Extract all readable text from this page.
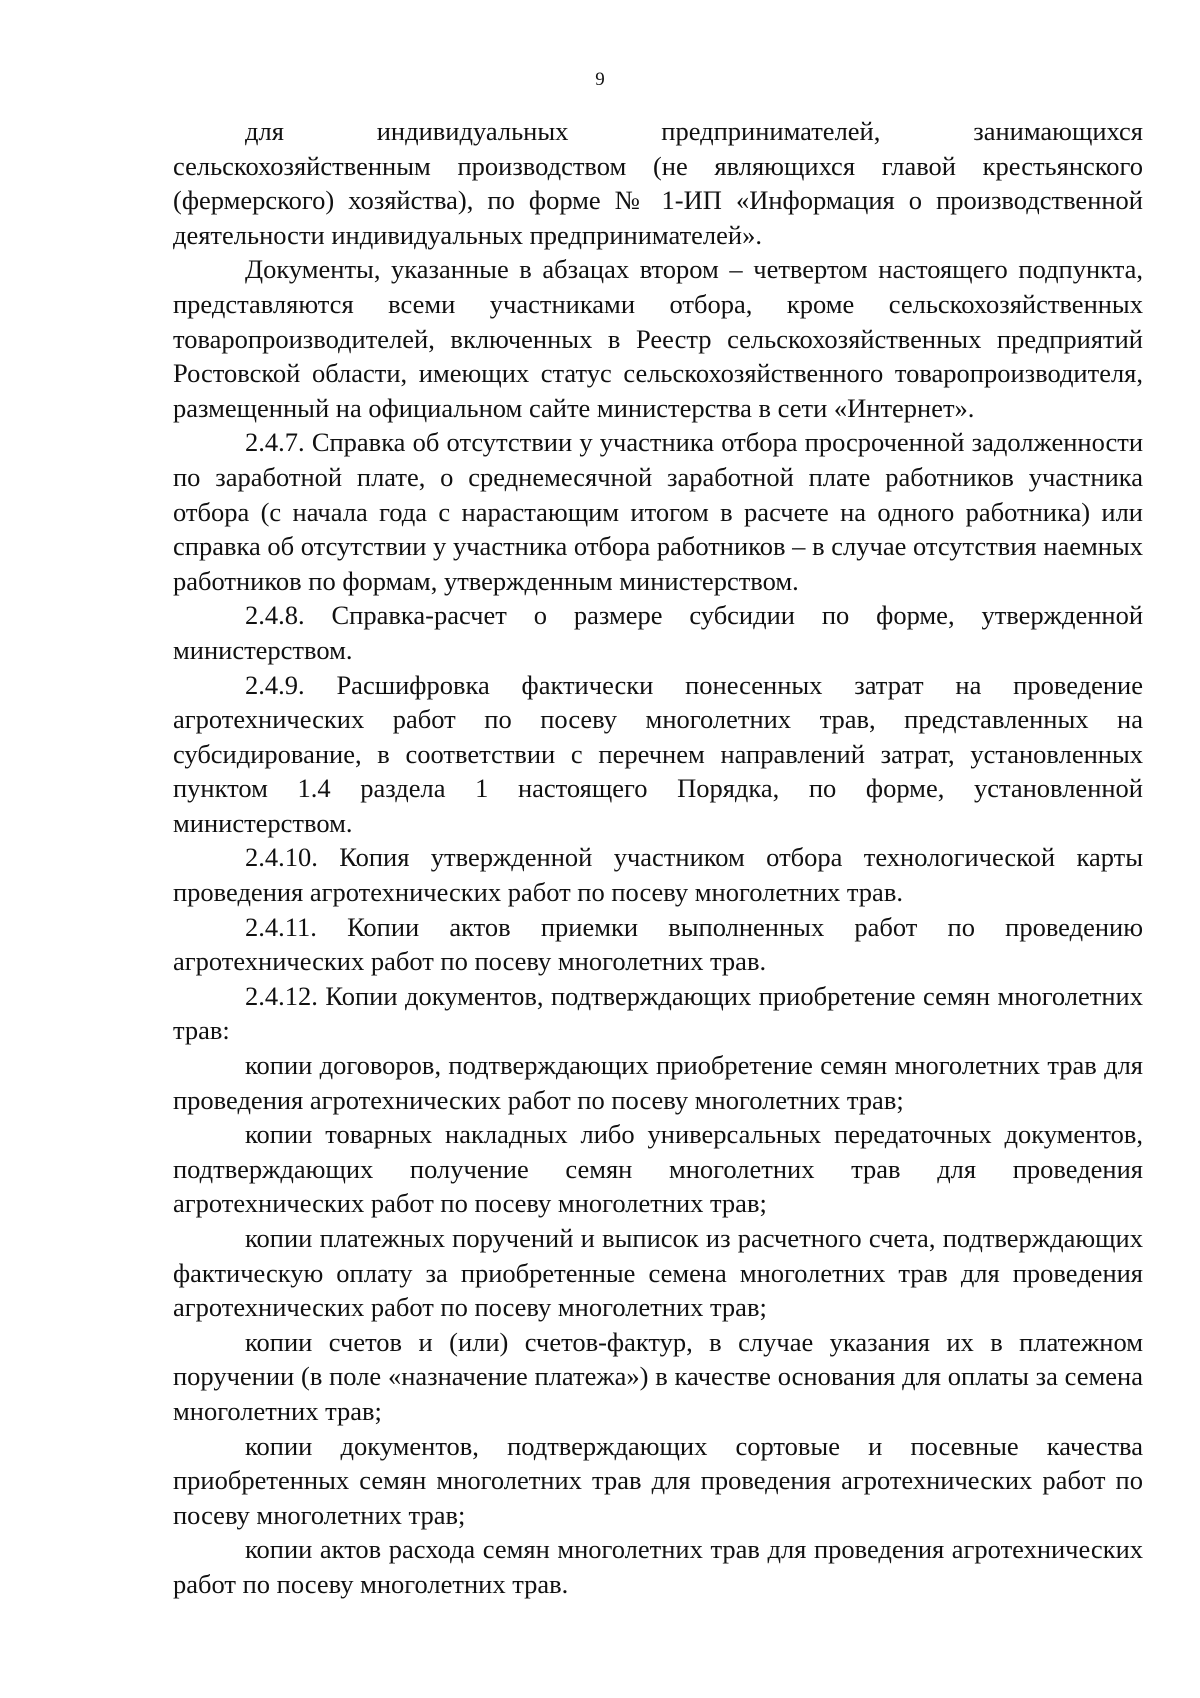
9

для индивидуальных предпринимателей, занимающихся сельскохозяйственным производством (не являющихся главой крестьянского (фермерского) хозяйства), по форме № 1-ИП «Информация о производственной деятельности индивидуальных предпринимателей».

Документы, указанные в абзацах втором – четвертом настоящего подпункта, представляются всеми участниками отбора, кроме сельскохозяйственных товаропроизводителей, включенных в Реестр сельскохозяйственных предприятий Ростовской области, имеющих статус сельскохозяйственного товаропроизводителя, размещенный на официальном сайте министерства в сети «Интернет».

2.4.7. Справка об отсутствии у участника отбора просроченной задолженности по заработной плате, о среднемесячной заработной плате работников участника отбора (с начала года с нарастающим итогом в расчете на одного работника) или справка об отсутствии у участника отбора работников – в случае отсутствия наемных работников по формам, утвержденным министерством.

2.4.8. Справка-расчет о размере субсидии по форме, утвержденной министерством.

2.4.9. Расшифровка фактически понесенных затрат на проведение агротехнических работ по посеву многолетних трав, представленных на субсидирование, в соответствии с перечнем направлений затрат, установленных пунктом 1.4 раздела 1 настоящего Порядка, по форме, установленной министерством.

2.4.10. Копия утвержденной участником отбора технологической карты проведения агротехнических работ по посеву многолетних трав.

2.4.11. Копии актов приемки выполненных работ по проведению агротехнических работ по посеву многолетних трав.

2.4.12. Копии документов, подтверждающих приобретение семян многолетних трав:

копии договоров, подтверждающих приобретение семян многолетних трав для проведения агротехнических работ по посеву многолетних трав;

копии товарных накладных либо универсальных передаточных документов, подтверждающих получение семян многолетних трав для проведения агротехнических работ по посеву многолетних трав;

копии платежных поручений и выписок из расчетного счета, подтверждающих фактическую оплату за приобретенные семена многолетних трав для проведения агротехнических работ по посеву многолетних трав;

копии счетов и (или) счетов-фактур, в случае указания их в платежном поручении (в поле «назначение платежа») в качестве основания для оплаты за семена многолетних трав;

копии документов, подтверждающих сортовые и посевные качества приобретенных семян многолетних трав для проведения агротехнических работ по посеву многолетних трав;

копии актов расхода семян многолетних трав для проведения агротехнических работ по посеву многолетних трав.
